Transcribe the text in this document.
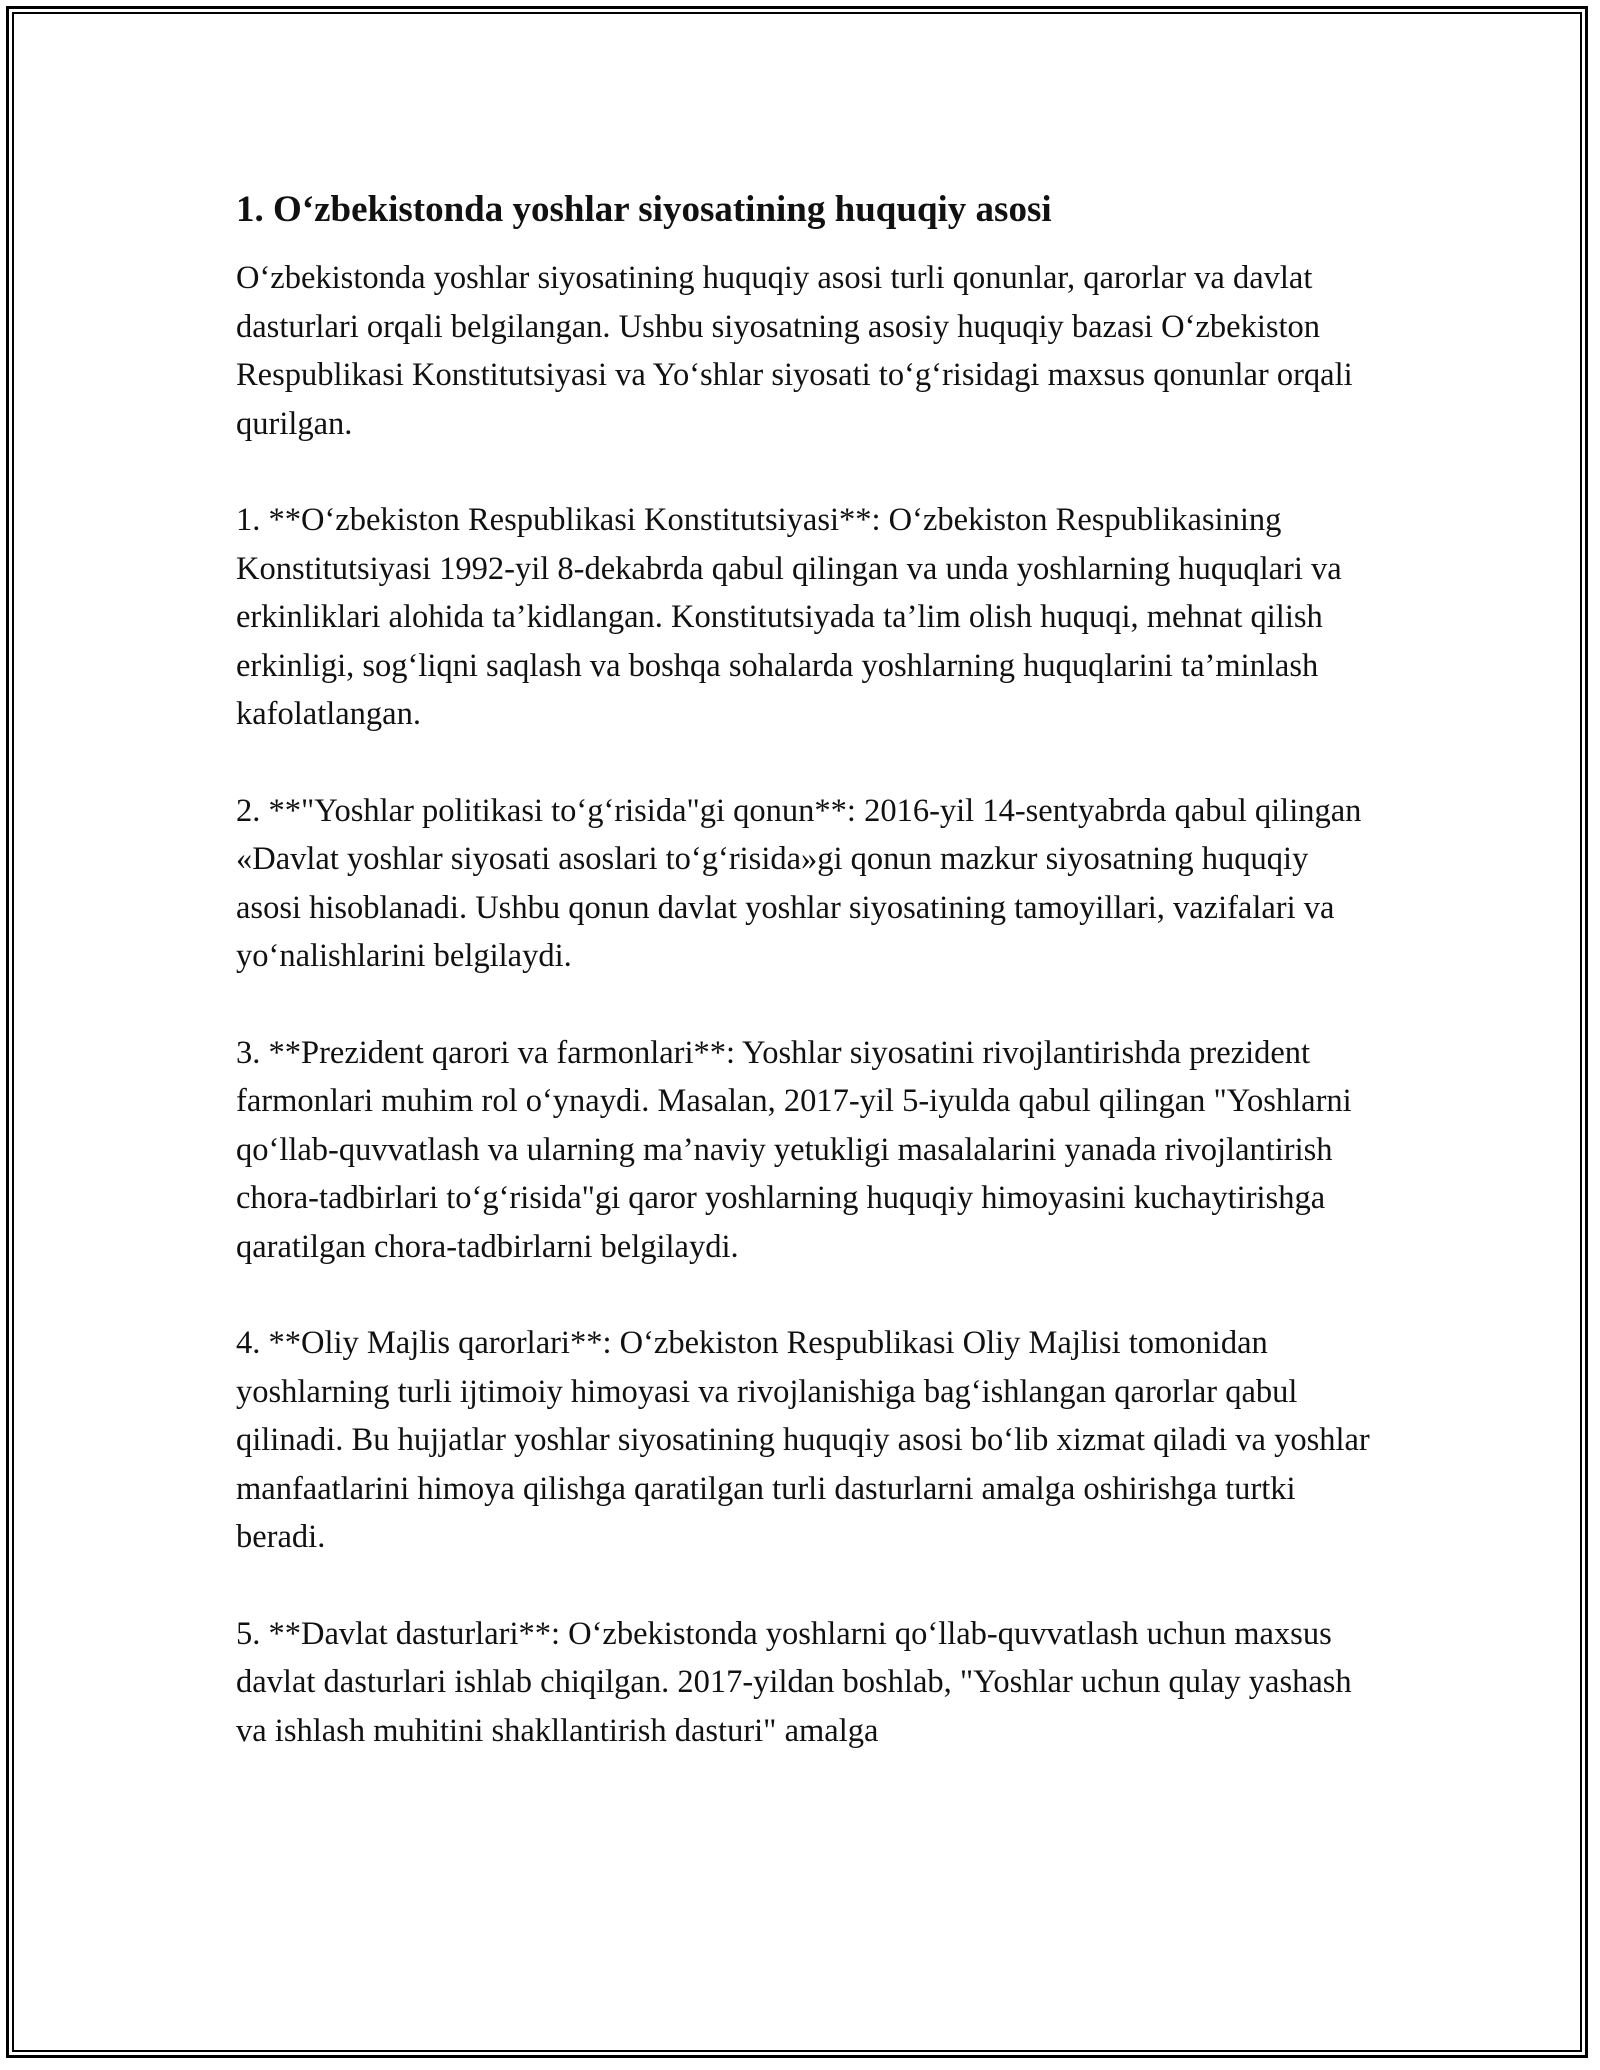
1. O‘zbekistonda yoshlar siyosatining huquqiy asosi

O‘zbekistonda yoshlar siyosatining huquqiy asosi turli qonunlar, qarorlar va davlat dasturlari orqali belgilangan. Ushbu siyosatning asosiy huquqiy bazasi O‘zbekiston Respublikasi Konstitutsiyasi va Yo‘shlar siyosati to‘g‘risidagi maxsus qonunlar orqali qurilgan.

1. **O‘zbekiston Respublikasi Konstitutsiyasi**: O‘zbekiston Respublikasining Konstitutsiyasi 1992-yil 8-dekabrda qabul qilingan va unda yoshlarning huquqlari va erkinliklari alohida ta’kidlangan. Konstitutsiyada ta’lim olish huquqi, mehnat qilish erkinligi, sog‘liqni saqlash va boshqa sohalarda yoshlarning huquqlarini ta’minlash kafolatlangan.

2. **"Yoshlar politikasi to‘g‘risida"gi qonun**: 2016-yil 14-sentyabrda qabul qilingan «Davlat yoshlar siyosati asoslari to‘g‘risida»gi qonun mazkur siyosatning huquqiy asosi hisoblanadi. Ushbu qonun davlat yoshlar siyosatining tamoyillari, vazifalari va yo‘nalishlarini belgilaydi.

3. **Prezident qarori va farmonlari**: Yoshlar siyosatini rivojlantirishda prezident farmonlari muhim rol o‘ynaydi. Masalan, 2017-yil 5-iyulda qabul qilingan "Yoshlarni qo‘llab-quvvatlash va ularning ma’naviy yetukligi masalalarini yanada rivojlantirish chora-tadbirlari to‘g‘risida"gi qaror yoshlarning huquqiy himoyasini kuchaytirishga qaratilgan chora-tadbirlarni belgilaydi.

4. **Oliy Majlis qarorlari**: O‘zbekiston Respublikasi Oliy Majlisi tomonidan yoshlarning turli ijtimoiy himoyasi va rivojlanishiga bag‘ishlangan qarorlar qabul qilinadi. Bu hujjatlar yoshlar siyosatining huquqiy asosi bo‘lib xizmat qiladi va yoshlar manfaatlarini himoya qilishga qaratilgan turli dasturlarni amalga oshirishga turtki beradi.

5. **Davlat dasturlari**: O‘zbekistonda yoshlarni qo‘llab-quvvatlash uchun maxsus davlat dasturlari ishlab chiqilgan. 2017-yildan boshlab, "Yoshlar uchun qulay yashash va ishlash muhitini shakllantirish dasturi" amalga
